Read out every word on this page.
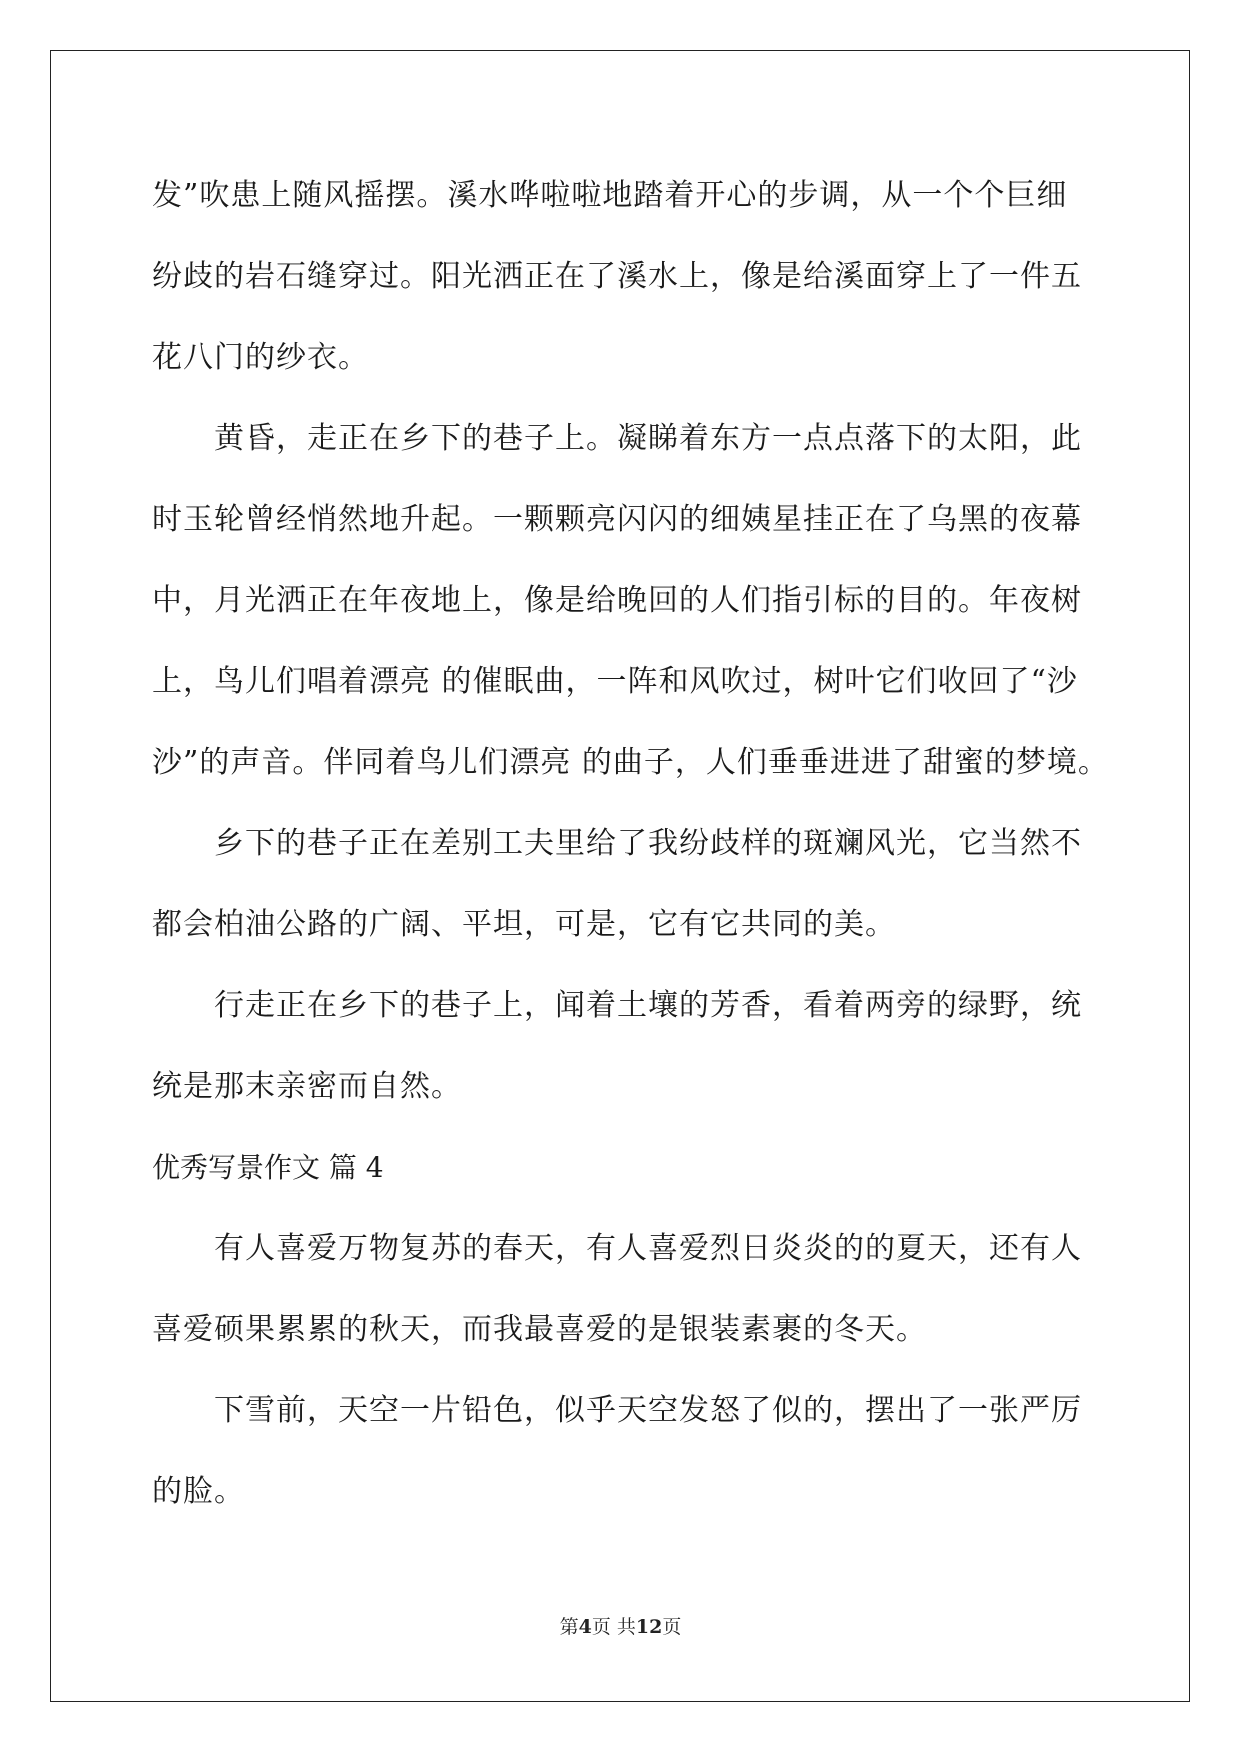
发”吹患上随风摇摆。溪水哗啦啦地踏着开心的步调，从一个个巨细
纷歧的岩石缝穿过。阳光洒正在了溪水上，像是给溪面穿上了一件五
花八门的纱衣。
黄昏，走正在乡下的巷子上。凝睇着东方一点点落下的太阳，此
时玉轮曾经悄然地升起。一颗颗亮闪闪的细姨星挂正在了乌黑的夜幕
中，月光洒正在年夜地上，像是给晚回的人们指引标的目的。年夜树
上，鸟儿们唱着漂亮 的催眠曲，一阵和风吹过，树叶它们收回了“沙
沙”的声音。伴同着鸟儿们漂亮 的曲子，人们垂垂进进了甜蜜的梦境。
乡下的巷子正在差别工夫里给了我纷歧样的斑斓风光，它当然不
都会柏油公路的广阔、平坦，可是，它有它共同的美。
行走正在乡下的巷子上，闻着土壤的芳香，看着两旁的绿野，统
统是那末亲密而自然。
优秀写景作文 篇 4
有人喜爱万物复苏的春天，有人喜爱烈日炎炎的的夏天，还有人
喜爱硕果累累的秋天，而我最喜爱的是银装素裹的冬天。
下雪前，天空一片铅色，似乎天空发怒了似的，摆出了一张严厉
的脸。
第4页 共12页
